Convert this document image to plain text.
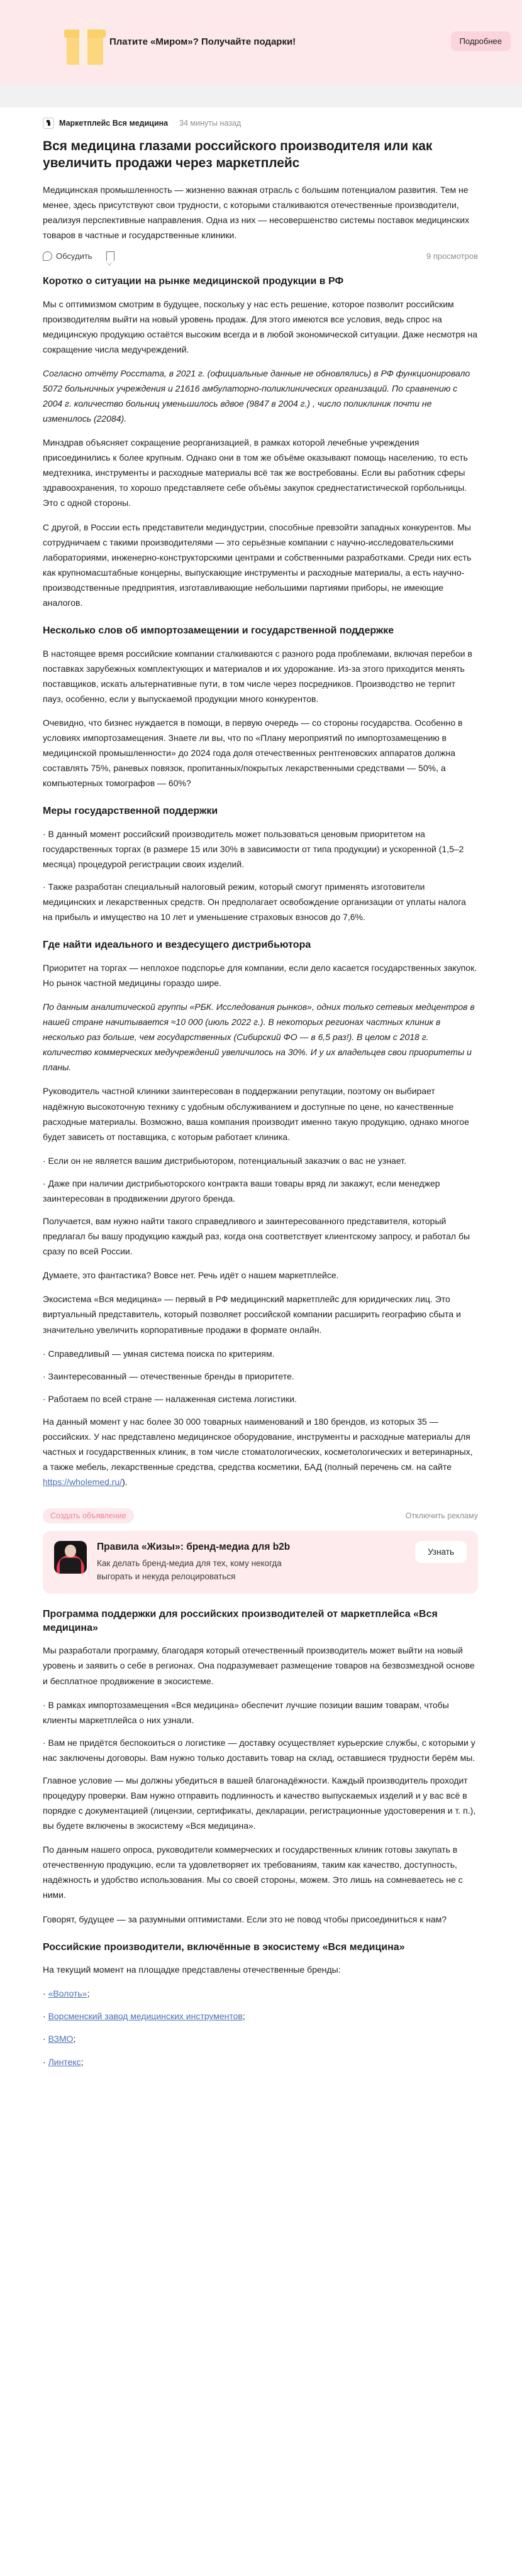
Платите «Миром»? Получайте подарки!	Подробнее
Маркетплейс Вся медицина 34 минуты назад
Вся медицина глазами российского производителя или как увеличить продажи через маркетплейс

Медицинская промышленность — жизненно важная отрасль с большим потенциалом развития. Тем не менее, здесь присутствуют свои трудности, с которыми сталкиваются отечественные производители, реализуя перспективные направления. Одна из них — несовершенство системы поставок медицинских товаров в частные и государственные клиники.

Обсудить	9 просмотров
Коротко о ситуации на рынке медицинской продукции в РФ

Мы с оптимизмом смотрим в будущее, поскольку у нас есть решение, которое позволит российским производителям выйти на новый уровень продаж. Для этого имеются все условия, ведь спрос на медицинскую продукцию остаётся высоким всегда и в любой экономической ситуации. Даже несмотря на сокращение числа медучреждений.

Согласно отчёту Росстата, в 2021 г. (официальные данные не обновлялись) в РФ функционировало 5072 больничных учреждения и 21616 амбулаторно-поликлинических организаций. По сравнению с 2004 г. количество больниц уменьшилось вдвое (9847 в 2004 г.) , число поликлиник почти не изменилось (22084).

Минздрав объясняет сокращение реорганизацией, в рамках которой лечебные учреждения присоединились к более крупным. Однако они в том же объёме оказывают помощь населению, то есть медтехника, инструменты и расходные материалы всё так же востребованы. Если вы работник сферы здравоохранения, то хорошо представляете себе объёмы закупок среднестатистической горбольницы. Это с одной стороны.

С другой, в России есть представители мединдустрии, способные превзойти западных конкурентов. Мы сотрудничаем с такими производителями — это серьёзные компании с научно-исследовательскими лабораториями, инженерно-конструкторскими центрами и собственными разработками. Среди них есть как крупномасштабные концерны, выпускающие инструменты и расходные материалы, а есть научно-производственные предприятия, изготавливающие небольшими партиями приборы, не имеющие аналогов.

Несколько слов об импортозамещении и государственной поддержке

В настоящее время российские компании сталкиваются с разного рода проблемами, включая перебои в поставках зарубежных комплектующих и материалов и их удорожание. Из-за этого приходится менять поставщиков, искать альтернативные пути, в том числе через посредников. Производство не терпит пауз, особенно, если у выпускаемой продукции много конкурентов.

Очевидно, что бизнес нуждается в помощи, в первую очередь — со стороны государства. Особенно в условиях импортозамещения. Знаете ли вы, что по «Плану мероприятий по импортозамещению в медицинской промышленности» до 2024 года доля отечественных рентгеновских аппаратов должна составлять 75%, раневых повязок, пропитанных/покрытых лекарственными средствами — 50%, а компьютерных томографов — 60%?

Меры государственной поддержки

· В данный момент российский производитель может пользоваться ценовым приоритетом на государственных торгах (в размере 15 или 30% в зависимости от типа продукции) и ускоренной (1,5–2 месяца) процедурой регистрации своих изделий.

· Также разработан специальный налоговый режим, который смогут применять изготовители медицинских и лекарственных средств. Он предполагает освобождение организации от уплаты налога на прибыль и имущество на 10 лет и уменьшение страховых взносов до 7,6%.

Где найти идеального и вездесущего дистрибьютора

Приоритет на торгах — неплохое подспорье для компании, если дело касается государственных закупок. Но рынок частной медицины гораздо шире.

По данным аналитической группы «РБК. Исследования рынков», одних только сетевых медцентров в нашей стране начитывается ≈10 000 (июль 2022 г.). В некоторых регионах частных клиник в несколько раз больше, чем государственных (Сибирский ФО — в 6,5 раз!). В целом с 2018 г. количество коммерческих медучреждений увеличилось на 30%. И у их владельцев свои приоритеты и планы.

Руководитель частной клиники заинтересован в поддержании репутации, поэтому он выбирает надёжную высокоточную технику с удобным обслуживанием и доступные по цене, но качественные расходные материалы. Возможно, ваша компания производит именно такую продукцию, однако многое будет зависеть от поставщика, с которым работает клиника.

· Если он не является вашим дистрибьютором, потенциальный заказчик о вас не узнает.

· Даже при наличии дистрибьюторского контракта ваши товары вряд ли закажут, если менеджер заинтересован в продвижении другого бренда.

Получается, вам нужно найти такого справедливого и заинтересованного представителя, который предлагал бы вашу продукцию каждый раз, когда она соответствует клиентскому запросу, и работал бы сразу по всей России.

Думаете, это фантастика? Вовсе нет. Речь идёт о нашем маркетплейсе.

Экосистема «Вся медицина» — первый в РФ медицинский маркетплейс для юридических лиц. Это виртуальный представитель, который позволяет российской компании расширить географию сбыта и значительно увеличить корпоративные продажи в формате онлайн.

· Справедливый — умная система поиска по критериям.

· Заинтересованный — отечественные бренды в приоритете.

· Работаем по всей стране — налаженная система логистики.

На данный момент у нас более 30 000 товарных наименований и 180 брендов, из которых 35 — российских. У нас представлено медицинское оборудование, инструменты и расходные материалы для частных и государственных клиник, в том числе стоматологических, косметологических и ветеринарных, а также мебель, лекарственные средства, средства косметики, БАД (полный перечень см. на сайте https://wholemed.ru/).

Создать объявление	Отключить рекламу

Правила «Жизы»: бренд-медиа для b2b

Как делать бренд-медиа для тех, кому некогда выгорать и некуда релоцироваться

Узнать
Программа поддержки для российских производителей от маркетплейса «Вся медицина»

Мы разработали программу, благодаря который отечественный производитель может выйти на новый уровень и заявить о себе в регионах. Она подразумевает размещение товаров на безвозмездной основе и бесплатное продвижение в экосистеме.

· В рамках импортозамещения «Вся медицина» обеспечит лучшие позиции вашим товарам, чтобы клиенты маркетплейса о них узнали.

· Вам не придётся беспокоиться о логистике — доставку осуществляет курьерские службы, с которыми у нас заключены договоры. Вам нужно только доставить товар на склад, оставшиеся трудности берём мы.

Главное условие — мы должны убедиться в вашей благонадёжности. Каждый производитель проходит процедуру проверки. Вам нужно отправить подлинность и качество выпускаемых изделий и у вас всё в порядке с документацией (лицензии, сертификаты, декларации, регистрационные удостоверения и т. п.), вы будете включены в экосистему «Вся медицина».

По данным нашего опроса, руководители коммерческих и государственных клиник готовы закупать в отечественную продукцию, если та удовлетворяет их требованиям, таким как качество, доступность, надёжность и удобство использования. Мы со своей стороны, можем. Это лишь на сомневаетесь не с ними.

Говорят, будущее — за разумными оптимистами. Если это не повод чтобы присоединиться к нам?

Российские производители, включённые в экосистему «Вся медицина»

На текущий момент на площадке представлены отечественные бренды:

· «Волоть»;
· Ворсменский завод медицинских инструментов;
· ВЗМО;
· Линтекс;
